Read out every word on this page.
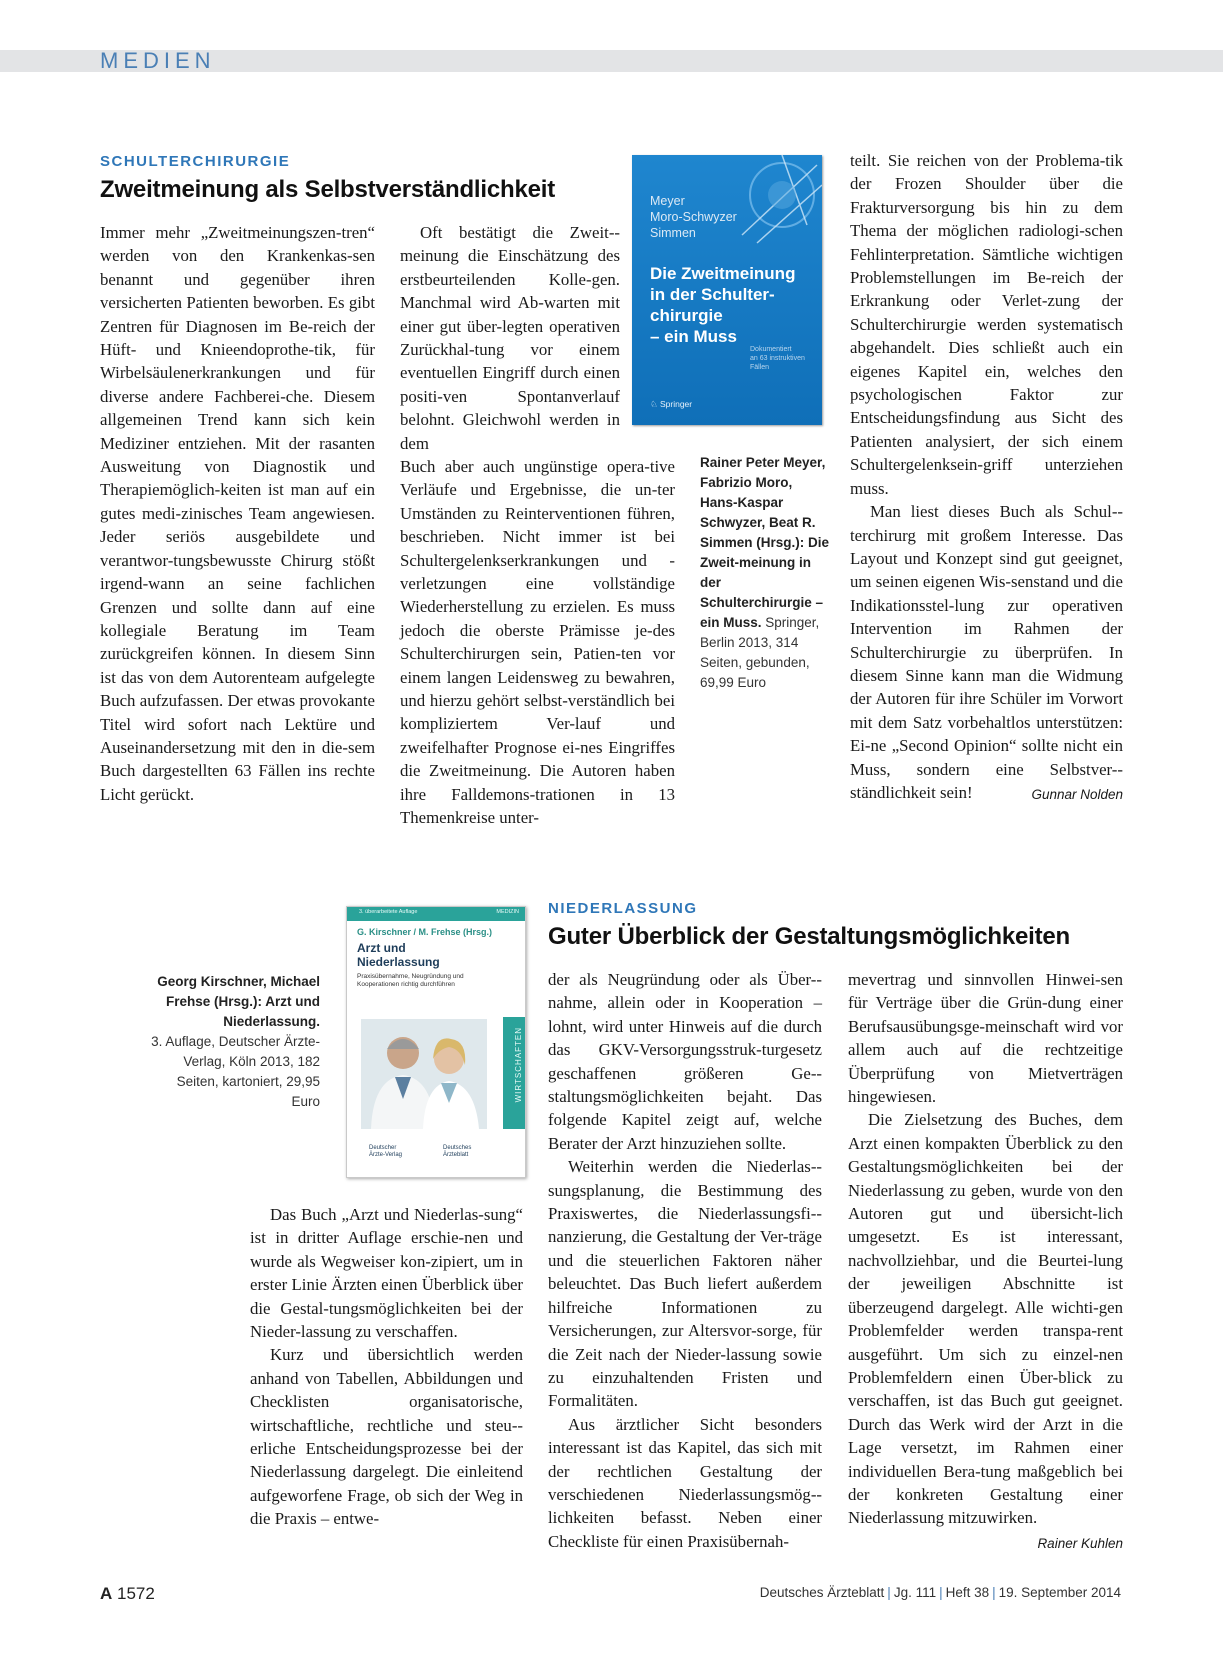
MEDIEN
SCHULTERCHIRURGIE
Zweitmeinung als Selbstverständlichkeit

Immer mehr „Zweitmeinungszen-tren“ werden von den Krankenkas-sen benannt und gegenüber ihren versicherten Patienten beworben. Es gibt Zentren für Diagnosen im Be-reich der Hüft- und Knieendoprothe-tik, für Wirbelsäulenerkrankungen und für diverse andere Fachberei-che. Diesem allgemeinen Trend kann sich kein Mediziner entziehen. Mit der rasanten Ausweitung von Diagnostik und Therapiemöglich-keiten ist man auf ein gutes medi-zinisches Team angewiesen. Jeder seriös ausgebildete und verantwor-tungsbewusste Chirurg stößt irgend-wann an seine fachlichen Grenzen und sollte dann auf eine kollegiale Beratung im Team zurückgreifen können. In diesem Sinn ist das von dem Autorenteam aufgelegte Buch aufzufassen. Der etwas provokante Titel wird sofort nach Lektüre und Auseinandersetzung mit den in die-sem Buch dargestellten 63 Fällen ins rechte Licht gerückt.

Oft bestätigt die Zweit-meinung die Einschätzung des erstbeurteilenden Kolle-gen. Manchmal wird Ab-warten mit einer gut über-legten operativen Zurückhal-tung vor einem eventuellen Eingriff durch einen positi-ven Spontanverlauf belohnt. Gleichwohl werden in dem

Buch aber auch ungünstige opera-tive Verläufe und Ergebnisse, die un-ter Umständen zu Reinterventionen führen, beschrieben. Nicht immer ist bei Schultergelenkserkrankungen und -verletzungen eine vollständige Wiederherstellung zu erzielen. Es muss jedoch die oberste Prämisse je-des Schulterchirurgen sein, Patien-ten vor einem langen Leidensweg zu bewahren, und hierzu gehört selbst-verständlich bei kompliziertem Ver-lauf und zweifelhafter Prognose ei-nes Eingriffes die Zweitmeinung. Die Autoren haben ihre Falldemons-trationen in 13 Themenkreise unter-

Meyer
Moro-Schwyzer
Simmen
Die Zweitmeinung
in der Schulter-
chirurgie
– ein Muss
Dokumentiert
an 63 instruktiven
Fällen
♘ Springer
Rainer Peter Meyer, Fabrizio Moro, Hans-Kaspar Schwyzer, Beat R. Simmen (Hrsg.): Die Zweit-meinung in der Schulterchirurgie – ein Muss. Springer, Berlin 2013, 314 Seiten, gebunden, 69,99 Euro

teilt. Sie reichen von der Problema-tik der Frozen Shoulder über die Frakturversorgung bis hin zu dem Thema der möglichen radiologi-schen Fehlinterpretation. Sämtliche wichtigen Problemstellungen im Be-reich der Erkrankung oder Verlet-zung der Schulterchirurgie werden systematisch abgehandelt. Dies schließt auch ein eigenes Kapitel ein, welches den psychologischen Faktor zur Entscheidungsfindung aus Sicht des Patienten analysiert, der sich einem Schultergelenksein-griff unterziehen muss.

Man liest dieses Buch als Schul-terchirurg mit großem Interesse. Das Layout und Konzept sind gut geeignet, um seinen eigenen Wis-senstand und die Indikationsstel-lung zur operativen Intervention im Rahmen der Schulterchirurgie zu überprüfen. In diesem Sinne kann man die Widmung der Autoren für ihre Schüler im Vorwort mit dem Satz vorbehaltlos unterstützen: Ei-ne „Second Opinion“ sollte nicht ein Muss, sondern eine Selbstver-ständlichkeit sein!	Gunnar Nolden

Georg Kirschner, Michael Frehse (Hrsg.): Arzt und Niederlassung.
3. Auflage, Deutscher Ärzte-Verlag, Köln 2013, 182 Seiten, kartoniert, 29,95 Euro
3. überarbeitete Auflage	MEDIZIN
G. Kirschner / M. Frehse (Hrsg.)
Arzt und
Niederlassung
Praxisübernahme, Neugründung und
Kooperationen richtig durchführen
WIRTSCHAFTEN
Deutscher
Ärzte-Verlag
Deutsches
Ärzteblatt
NIEDERLASSUNG
Guter Überblick der Gestaltungsmöglichkeiten

Das Buch „Arzt und Niederlas-sung“ ist in dritter Auflage erschie-nen und wurde als Wegweiser kon-zipiert, um in erster Linie Ärzten einen Überblick über die Gestal-tungsmöglichkeiten bei der Nieder-lassung zu verschaffen.

Kurz und übersichtlich werden anhand von Tabellen, Abbildungen und Checklisten organisatorische, wirtschaftliche, rechtliche und steu-erliche Entscheidungsprozesse bei der Niederlassung dargelegt. Die einleitend aufgeworfene Frage, ob sich der Weg in die Praxis – entwe-

der als Neugründung oder als Über-nahme, allein oder in Kooperation – lohnt, wird unter Hinweis auf die durch das GKV-Versorgungsstruk-turgesetz geschaffenen größeren Ge-staltungsmöglichkeiten bejaht. Das folgende Kapitel zeigt auf, welche Berater der Arzt hinzuziehen sollte.

Weiterhin werden die Niederlas-sungsplanung, die Bestimmung des Praxiswertes, die Niederlassungsfi-nanzierung, die Gestaltung der Ver-träge und die steuerlichen Faktoren näher beleuchtet. Das Buch liefert außerdem hilfreiche Informationen zu Versicherungen, zur Altersvor-sorge, für die Zeit nach der Nieder-lassung sowie zu einzuhaltenden Fristen und Formalitäten.

Aus ärztlicher Sicht besonders interessant ist das Kapitel, das sich mit der rechtlichen Gestaltung der verschiedenen Niederlassungsmög-lichkeiten befasst. Neben einer Checkliste für einen Praxisübernah-

mevertrag und sinnvollen Hinwei-sen für Verträge über die Grün-dung einer Berufsausübungsge-meinschaft wird vor allem auch auf die rechtzeitige Überprüfung von Mietverträgen hingewiesen.

Die Zielsetzung des Buches, dem Arzt einen kompakten Überblick zu den Gestaltungsmöglichkeiten bei der Niederlassung zu geben, wurde von den Autoren gut und übersicht-lich umgesetzt. Es ist interessant, nachvollziehbar, und die Beurtei-lung der jeweiligen Abschnitte ist überzeugend dargelegt. Alle wichti-gen Problemfelder werden transpa-rent ausgeführt. Um sich zu einzel-nen Problemfeldern einen Über-blick zu verschaffen, ist das Buch gut geeignet. Durch das Werk wird der Arzt in die Lage versetzt, im Rahmen einer individuellen Bera-tung maßgeblich bei der konkreten Gestaltung einer Niederlassung mitzuwirken.
Rainer Kuhlen

A 1572	Deutsches Ärzteblatt | Jg. 111 | Heft 38 | 19. September 2014
